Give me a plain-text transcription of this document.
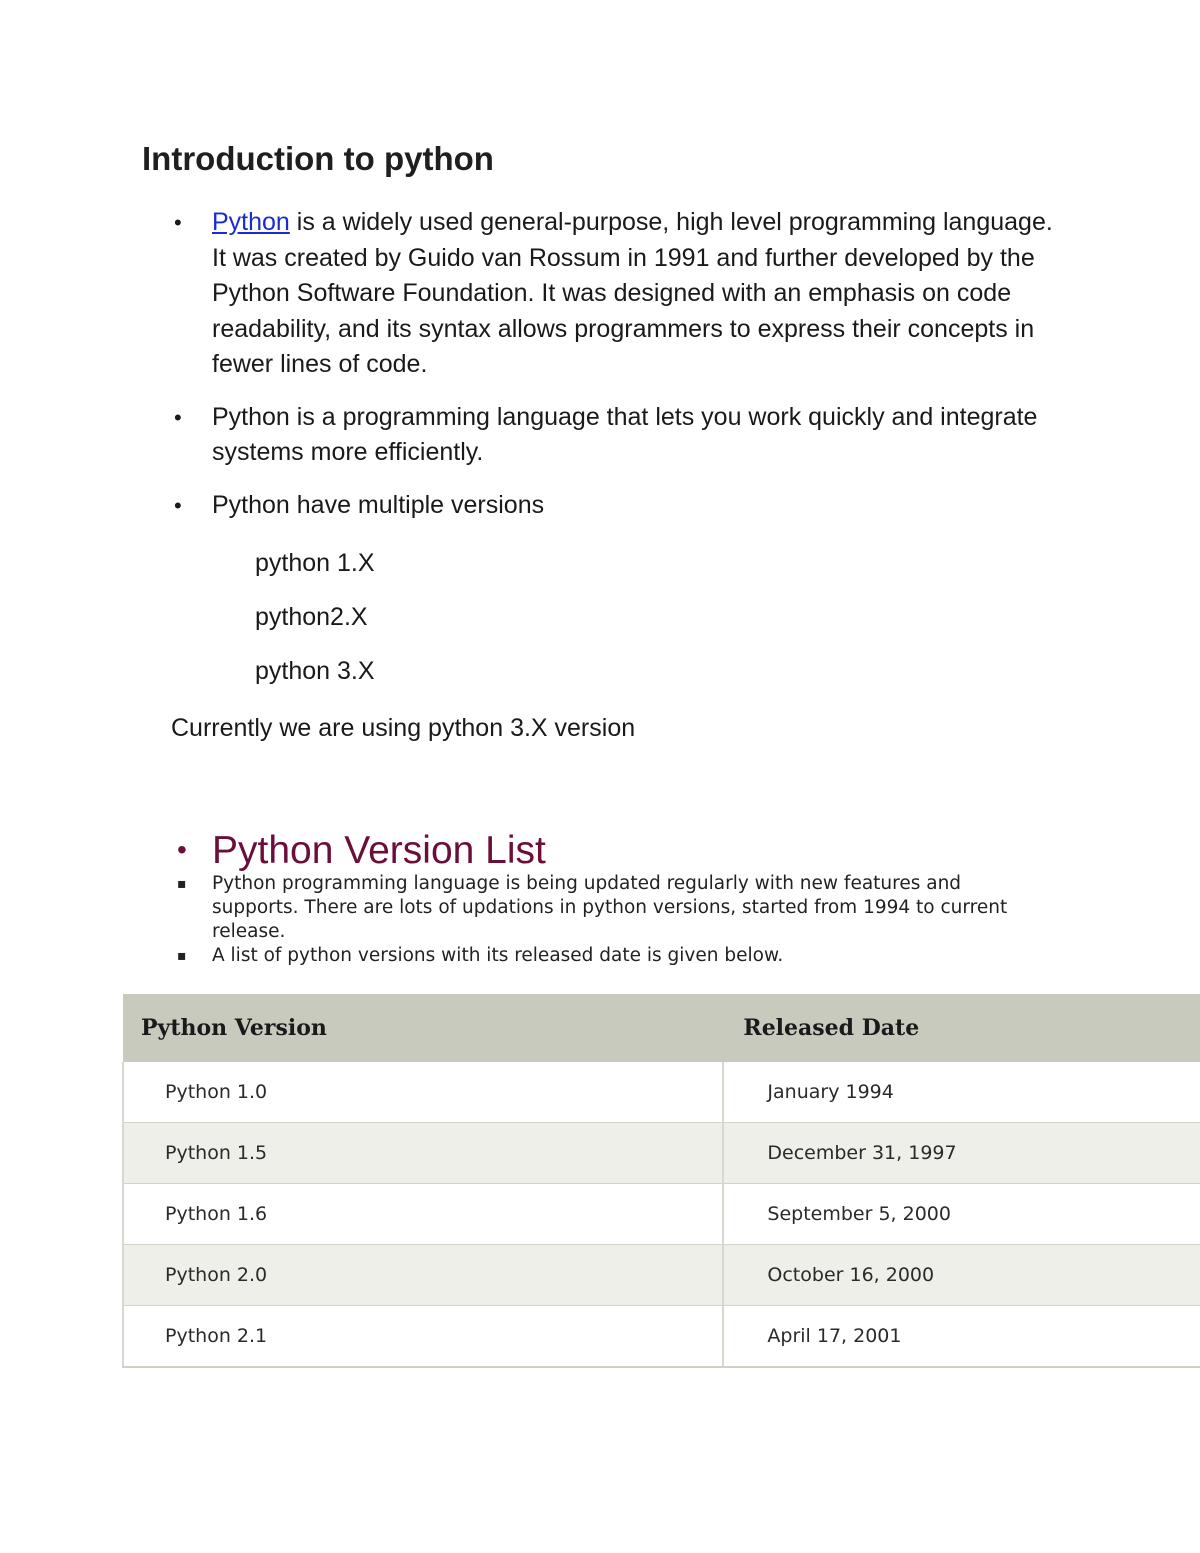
Introduction to python
• Python is a widely used general-purpose, high level programming language. It was created by Guido van Rossum in 1991 and further developed by the Python Software Foundation. It was designed with an emphasis on code readability, and its syntax allows programmers to express their concepts in fewer lines of code.
• Python is a programming language that lets you work quickly and integrate systems more efficiently.
• Python have multiple versions
python 1.X
python2.X
python 3.X
Currently we are using python 3.X version
• Python Version List
▪ Python programming language is being updated regularly with new features and supports. There are lots of updations in python versions, started from 1994 to current release.
▪ A list of python versions with its released date is given below.
Python Version	Released Date
Python 1.0	January 1994
Python 1.5	December 31, 1997
Python 1.6	September 5, 2000
Python 2.0	October 16, 2000
Python 2.1	April 17, 2001
